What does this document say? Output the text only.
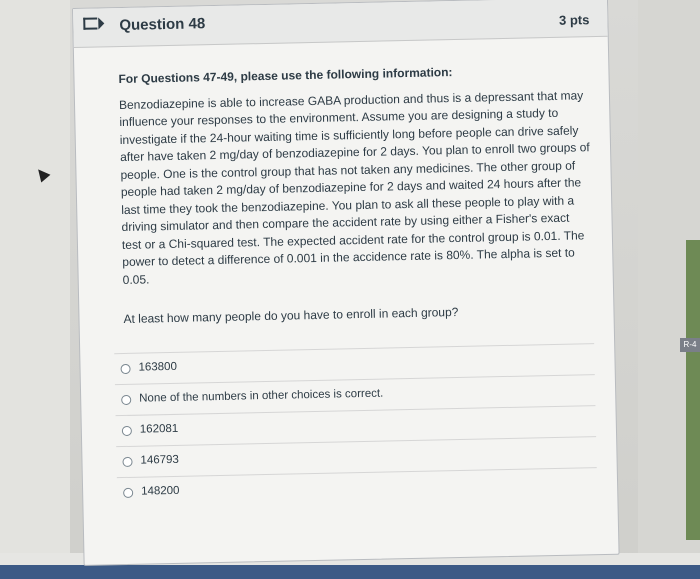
R-4
Question 48	3 pts
For Questions 47-49, please use the following information:

Benzodiazepine is able to increase GABA production and thus is a depressant that may influence your responses to the environment. Assume you are designing a study to investigate if the 24-hour waiting time is sufficiently long before people can drive safely after have taken 2 mg/day of benzodiazepine for 2 days. You plan to enroll two groups of people. One is the control group that has not taken any medicines. The other group of people had taken 2 mg/day of benzodiazepine for 2 days and waited 24 hours after the last time they took the benzodiazepine. You plan to ask all these people to play with a driving simulator and then compare the accident rate by using either a Fisher's exact test or a Chi-squared test. The expected accident rate for the control group is 0.01. The power to detect a difference of 0.001 in the accidence rate is 80%. The alpha is set to 0.05.

At least how many people do you have to enroll in each group?
163800
None of the numbers in other choices is correct.
162081
146793
148200
